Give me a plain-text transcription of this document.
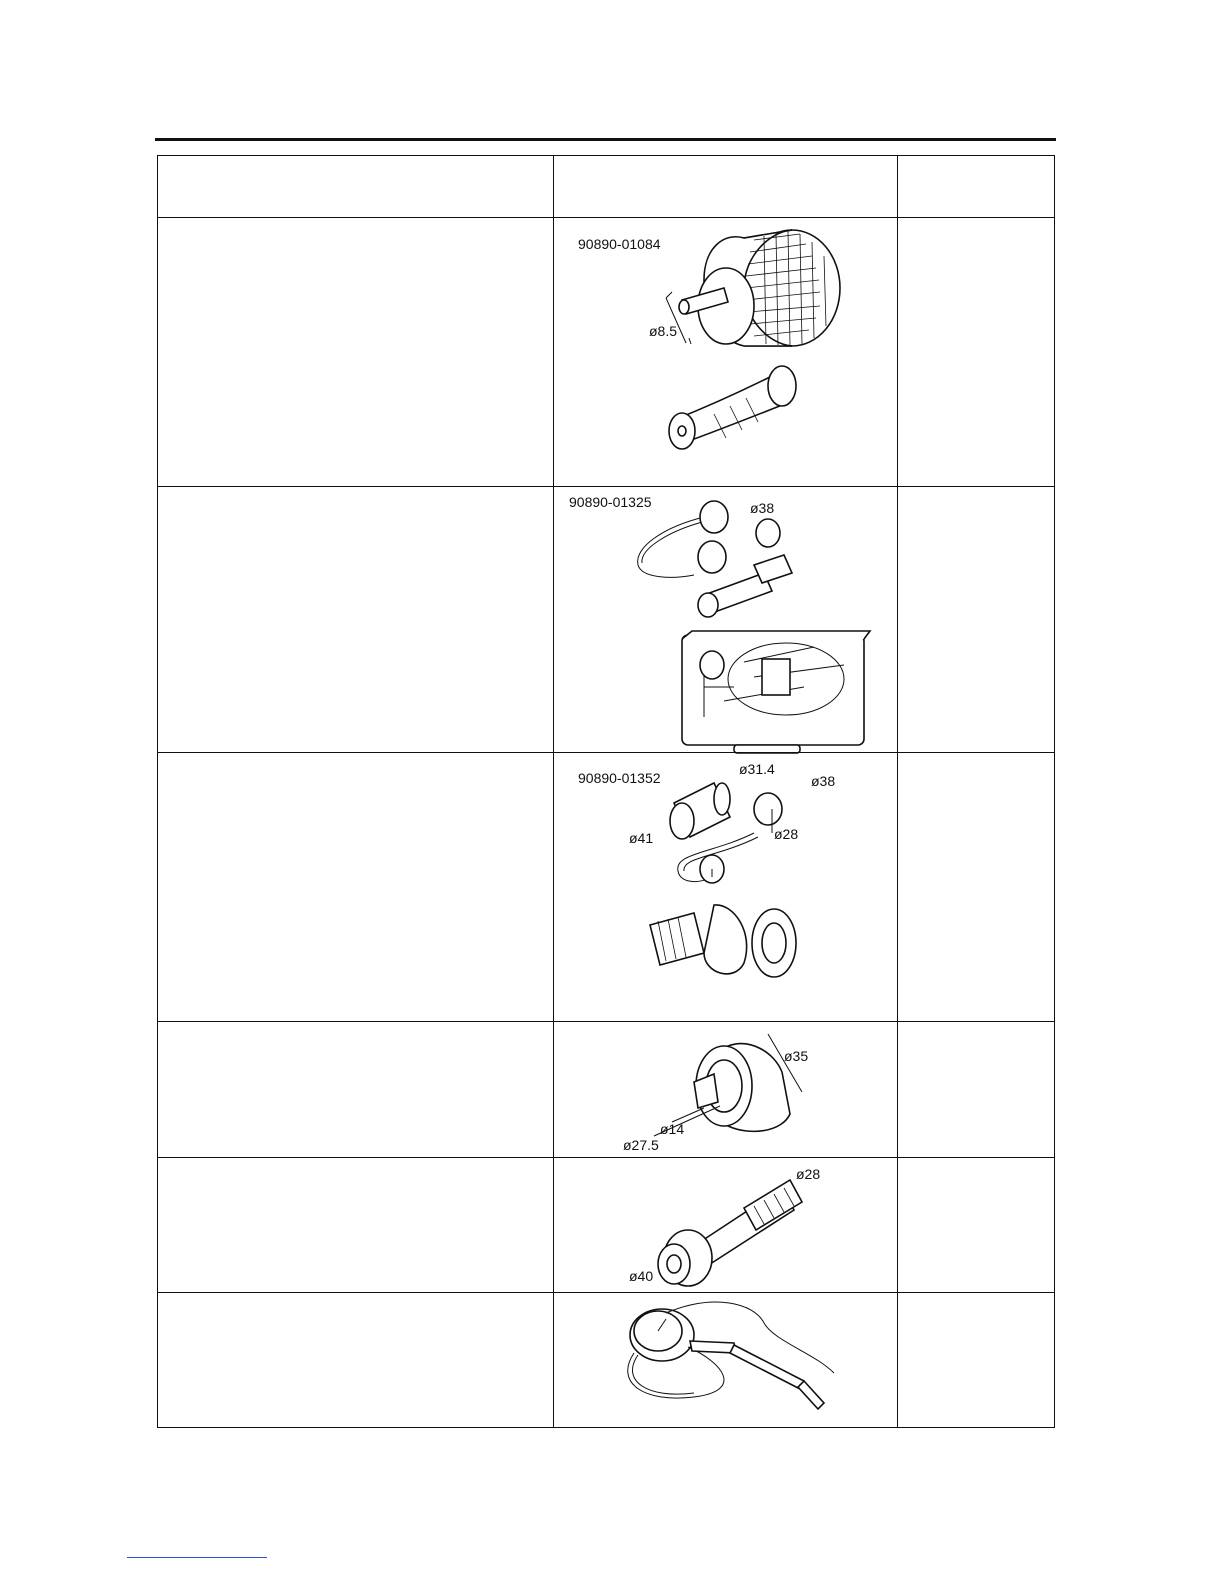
90890-01084
ø8.5
90890-01325	ø38
90890-01352
ø31.4
ø38
ø41	ø28
ø35
ø14
ø27.5
ø28
ø40
